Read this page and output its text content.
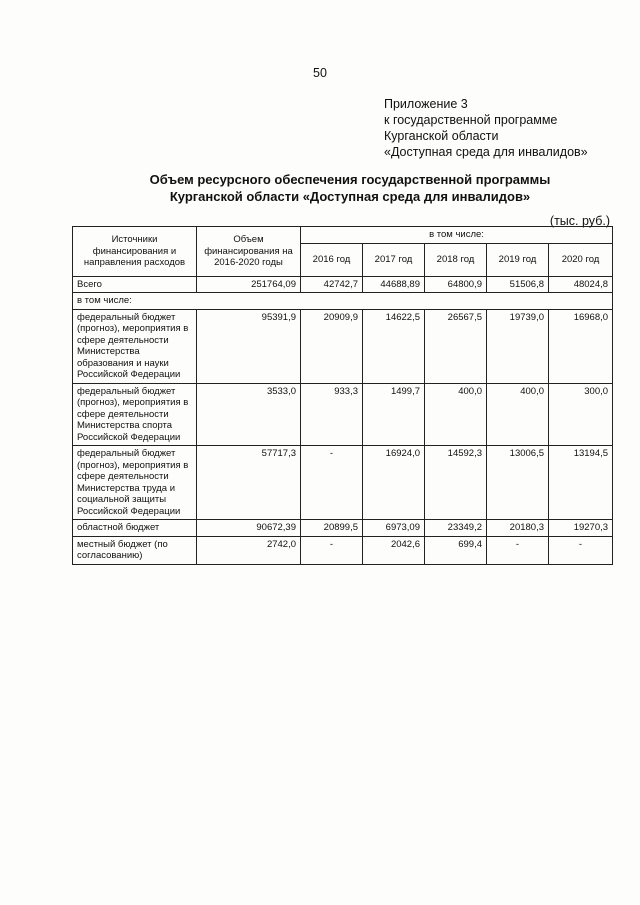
50
Приложение 3
к государственной программе
Курганской области
«Доступная среда для инвалидов»
Объем ресурсного обеспечения государственной программы
Курганской области «Доступная среда для инвалидов»
(тыс. руб.)
Источники финансирования и направления расходов	Объем финансирования на 2016-2020 годы	в том числе:				
		2016 год	2017 год	2018 год	2019 год	2020 год
Всего	251764,09	42742,7	44688,89	64800,9	51506,8	48024,8
в том числе:						
федеральный бюджет (прогноз), мероприятия в сфере деятельности Министерства образования и науки Российской Федерации	95391,9	20909,9	14622,5	26567,5	19739,0	16968,0
федеральный бюджет (прогноз), мероприятия в сфере деятельности Министерства спорта Российской Федерации	3533,0	933,3	1499,7	400,0	400,0	300,0
федеральный бюджет (прогноз), мероприятия в сфере деятельности Министерства труда и социальной защиты Российской Федерации	57717,3	-	16924,0	14592,3	13006,5	13194,5
областной бюджет	90672,39	20899,5	6973,09	23349,2	20180,3	19270,3
местный бюджет (по согласованию)	2742,0	-	2042,6	699,4	-	-
